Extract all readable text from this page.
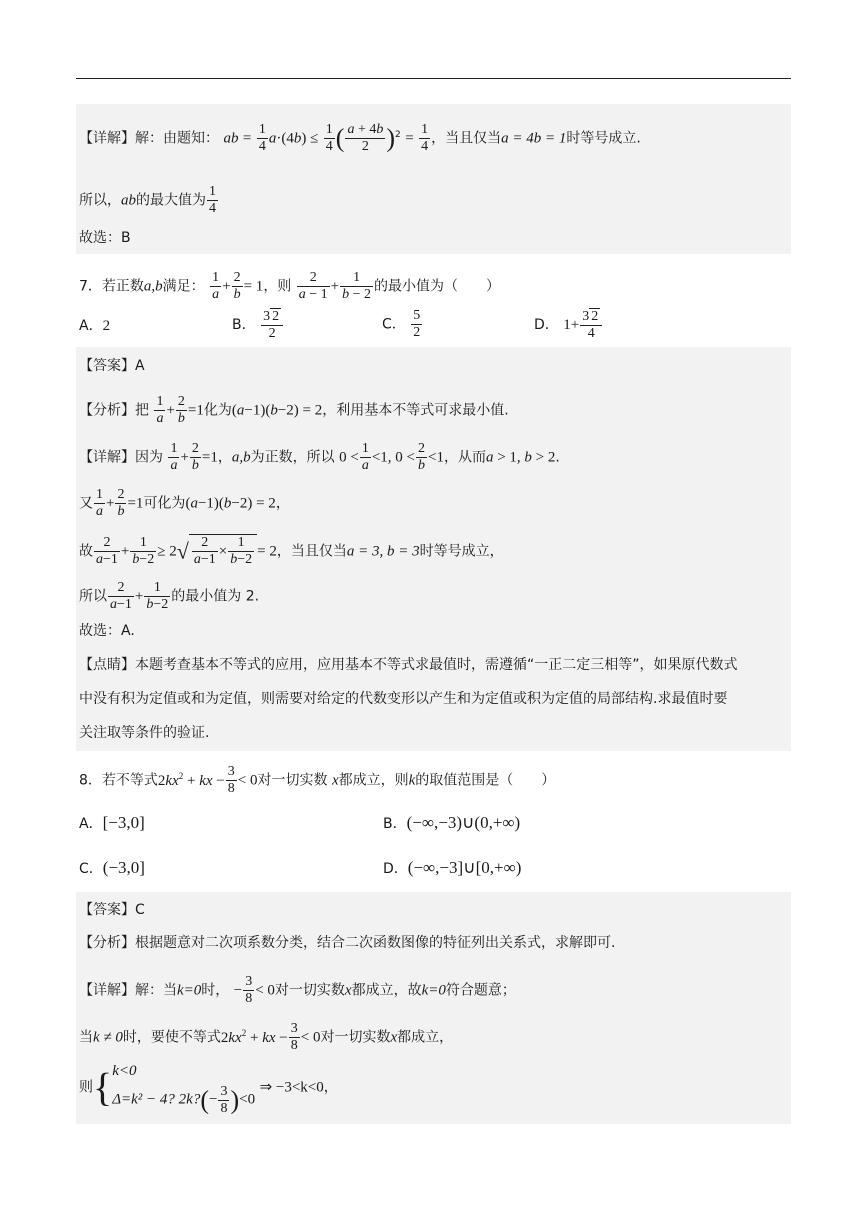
【详解】解：由题知： ab = $\frac{1}{4} a\cdot(4b) \le \frac{1}{4}$ ( $\frac{a + 4b}{2} )^2 = \frac{1}{4}$ ，当且仅当a = 4b = 1时等号成立.
所以，ab的最大值为 $\frac{1}{4}$
故选：B
7．若正数a,b满足： $\frac{1}{a} + \frac{2}{b} = 1$，则 $\frac{2}{a - 1} + \frac{1}{b - 2}$ 的最小值为（　　）
A．2	B． $\frac{3 2}{2}$	C． $\frac{5}{2}$	D． $1+ \frac{3 2}{4}$
【答案】A
【分析】把 $\frac{1}{a} + \frac{2}{b} =1$化为(a−1)(b−2) = 2，利用基本不等式可求最小值.
【详解】因为 $\frac{1}{a} + \frac{2}{b} =1$，a,b为正数，所以 $0 < \frac{1}{a} <1$, $0 < \frac{2}{b} <1$，从而a > 1, b > 2.
又 $\frac{1}{a} + \frac{2}{b} =1$可化为(a−1)(b−2) = 2，
故 $\frac{2}{a-1} + \frac{1}{b-2} \ge 2√ \frac{2}{a-1} \times \frac{1}{b-2} = 2$，当且仅当a = 3, b = 3时等号成立，
所以 $\frac{2}{a-1} + \frac{1}{b-2}$ 的最小值为 2.
故选：A.
【点睛】本题考查基本不等式的应用，应用基本不等式求最值时，需遵循“一正二定三相等”，如果原代数式
中没有积为定值或和为定值，则需要对给定的代数变形以产生和为定值或积为定值的局部结构.求最值时要
关注取等条件的验证.
8．若不等式$2kx^2$ + kx − $\frac{3}{8} < 0$对一切实数 x都成立，则k的取值范围是（　　）
A．[−3,0]	B．(−∞,−3)∪(0,+∞)
C．(−3,0]	D．(−∞,−3]∪[0,+∞)
【答案】C
【分析】根据题意对二次项系数分类，结合二次函数图像的特征列出关系式，求解即可.
【详解】解：当k=0时， − $\frac{3}{8} < 0$对一切实数x都成立，故k=0符合题意；
当k ≠ 0时，要使不等式$2kx^2$ + kx − $\frac{3}{8} < 0$对一切实数x都成立，
则{ k<0
Δ=k² − 4? 2k?(− $\frac{3}{8} )<0$
⇒ −3<k<0，
